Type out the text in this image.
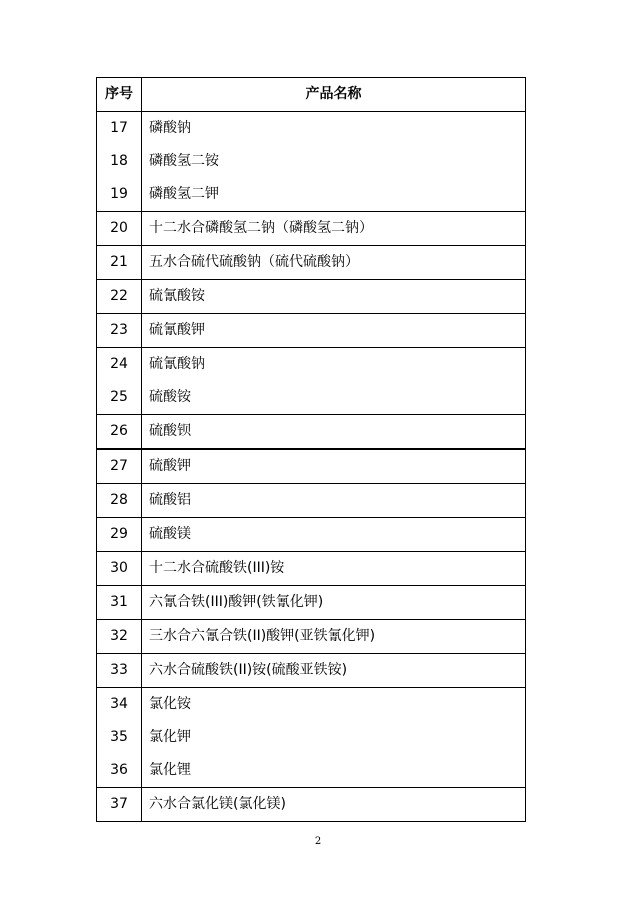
序号	产品名称
17	磷酸钠
18	磷酸氢二铵
19	磷酸氢二钾
20	十二水合磷酸氢二钠（磷酸氢二钠）
21	五水合硫代硫酸钠（硫代硫酸钠）
22	硫氰酸铵
23	硫氰酸钾
24	硫氰酸钠
25	硫酸铵
26	硫酸钡
27	硫酸钾
28	硫酸铝
29	硫酸镁
30	十二水合硫酸铁(III)铵
31	六氰合铁(III)酸钾(铁氰化钾)
32	三水合六氰合铁(II)酸钾(亚铁氰化钾)
33	六水合硫酸铁(II)铵(硫酸亚铁铵)
34	氯化铵
35	氯化钾
36	氯化锂
37	六水合氯化镁(氯化镁)
2
